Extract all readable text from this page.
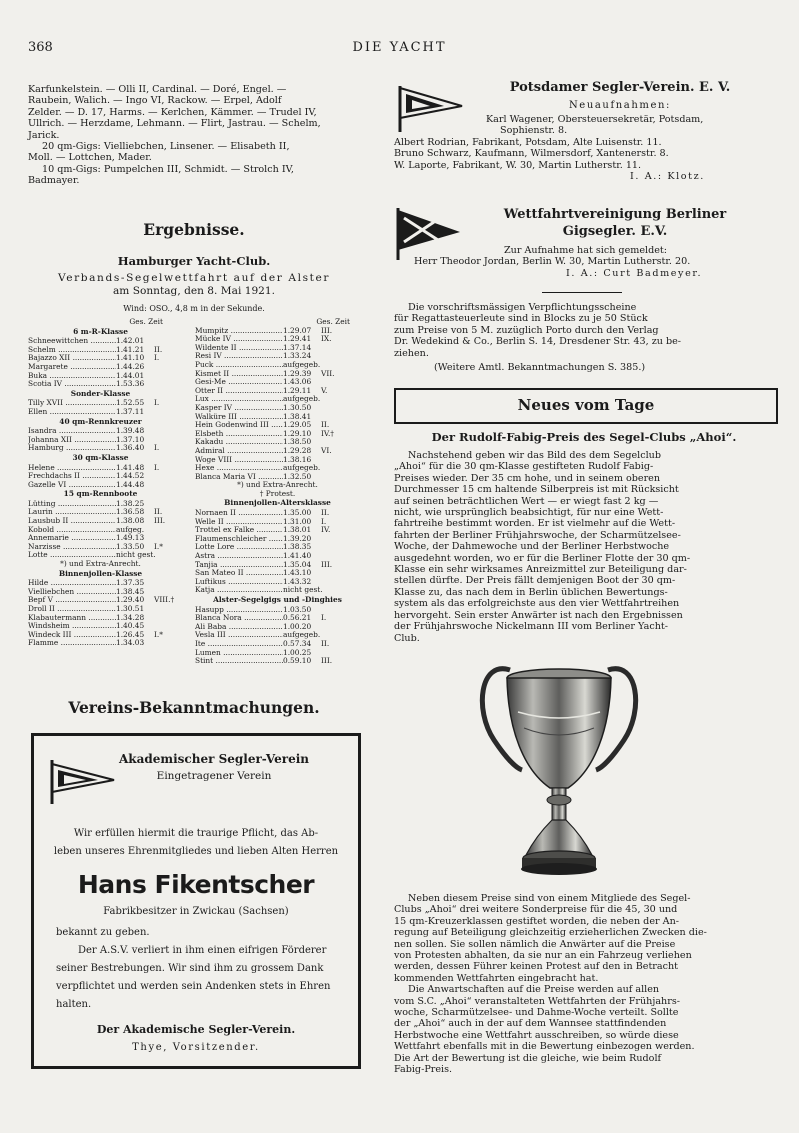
368	DIE YACHT
Karfunkelstein. — Olli II, Cardinal. — Doré, Engel. —
Raubein, Walich. — Ingo VI, Rackow. — Erpel, Adolf
Zelder. — D. 17, Harms. — Kerlchen, Kämmer. — Trudel IV,
Ullrich. — Herzdame, Lehmann. — Flirt, Jastrau. — Schelm,
Jarick.
20 qm-Gigs: Vielliebchen, Linsener. — Elisabeth II,
Moll. — Lottchen, Mader.
10 qm-Gigs: Pumpelchen III, Schmidt. — Strolch IV,
Badmayer.
Ergebnisse.
Hamburger Yacht-Club.
Verbands-Segelwettfahrt auf der Alster
am Sonntag, den 8. Mai 1921.
Wind: OSO., 4,8 m in der Sekunde.
Ges. Zeit
6 m-R-Klasse
Schneewittchen .....	1.42.01
Schelm .....	1.41.21	II.
Bajazzo XII .....	1.41.10	I.
Margarete .....	1.44.26
Buka .....	1.44.01
Scotia IV .....	1.53.36
Sonder-Klasse
Tilly XVII .....	1.52.55	I.
Ellen .....	1.37.11
40 qm-Rennkreuzer
Isandra .....	1.39.48
Johanna XII .....	1.37.10
Hamburg .....	1.36.40	I.
30 qm-Klasse
Helene .....	1.41.48	I.
Frechdachs II .....	1.44.52
Gazelle VI .....	1.44.48
15 qm-Rennboote
Lütting .....	1.38.25
Laurin .....	1.36.58	II.
Lausbub II .....	1.38.08	III.
Kobold .....	aufgeg.
Annemarie .....	1.49.13
Narzisse .....	1.33.50	I.*
Lotte .....	nicht gest.
*) und Extra-Anrecht.
Binnenjollen-Klasse
Hilde .....	1.37.35
Vielliebchen .....	1.38.45
Bepf V .....	1.29.40	VIII.†
Droll II .....	1.30.51
Klabautermann .....	1.34.28
Windsheim .....	1.40.45
Windeck III .....	1.26.45	I.*
Flamme .....	1.34.03
Ges. Zeit
Mumpitz .....	1.29.07	III.
Mücke IV .....	1.29.41	IX.
Wildente II .....	1.37.14
Resi IV .....	1.33.24
Puck .....	aufgegeb.
Kismet II .....	1.29.39	VII.
Gesi-Me .....	1.43.06
Otter II .....	1.29.11	V.
Lux .....	aufgegeb.
Kasper IV .....	1.30.50
Walküre III .....	1.38.41
Hein Godenwind III .....	1.29.05	II.
Elsbeth .....	1.29.10	IV.†
Kakadu .....	1.38.50
Admiral .....	1.29.28	VI.
Woge VIII .....	1.38.16
Hexe .....	aufgegeb.
Blanca Maria VI .....	1.32.50
*) und Extra-Anrecht.
† Protest.
Binnenjollen-Altersklasse
Nornaen II .....	1.35.00	II.
Welle II .....	1.31.00	I.
Trottel ex Falke .....	1.38.01	IV.
Flaumenschleicher .....	1.39.20
Lotte Lore .....	1.38.35
Astra .....	1.41.40
Tanjia .....	1.35.04	III.
San Mateo II .....	1.43.10
Luftikus .....	1.43.32
Katja .....	nicht gest.
Alster-Segelgigs und -Dinghies
Hasupp .....	1.03.50
Blanca Nora .....	0.56.21	I.
Ali Baba .....	1.00.20
Vesla III .....	aufgegeb.
Ite .....	0.57.34	II.
Lumen .....	1.00.25
Stint .....	0.59.10	III.
Vereins-Bekanntmachungen.
Akademischer Segler-Verein
Eingetragener Verein
Wir erfüllen hiermit die traurige Pflicht, das Ab-
leben unseres Ehrenmitgliedes und lieben Alten Herren
Hans Fikentscher
Fabrikbesitzer in Zwickau (Sachsen)
bekannt zu geben.
Der A.S.V. verliert in ihm einen eifrigen Förderer
seiner Bestrebungen. Wir sind ihm zu grossem Dank
verpflichtet und werden sein Andenken stets in Ehren
halten.
Der Akademische Segler-Verein.
Thye, Vorsitzender.
Potsdamer Segler-Verein. E. V.
Neuaufnahmen:
Karl Wagener, Obersteuersekretär, Potsdam,
Sophienstr. 8.
Albert Rodrian, Fabrikant, Potsdam, Alte Luisenstr. 11.
Bruno Schwarz, Kaufmann, Wilmersdorf, Xantenerstr. 8.
W. Laporte, Fabrikant, W. 30, Martin Lutherstr. 11.
I. A.: Klotz.
Wettfahrtvereinigung Berliner
Gigsegler. E.V.
Zur Aufnahme hat sich gemeldet:
Herr Theodor Jordan, Berlin W. 30, Martin Lutherstr. 20.
I. A.: Curt Badmeyer.
Die vorschriftsmässigen Verpflichtungsscheine
für Regattasteuerleute sind in Blocks zu je 50 Stück
zum Preise von 5 M. zuzüglich Porto durch den Verlag
Dr. Wedekind & Co., Berlin S. 14, Dresdener Str. 43, zu be-
ziehen.
(Weitere Amtl. Bekanntmachungen S. 385.)
Neues vom Tage
Der Rudolf-Fabig-Preis des Segel-Clubs „Ahoi“.
Nachstehend geben wir das Bild des dem Segelclub
„Ahoi“ für die 30 qm-Klasse gestifteten Rudolf Fabig-
Preises wieder. Der 35 cm hohe, und in seinem oberen
Durchmesser 15 cm haltende Silberpreis ist mit Rücksicht
auf seinen beträchtlichen Wert — er wiegt fast 2 kg —
nicht, wie ursprünglich beabsichtigt, für nur eine Wett-
fahrtreihe bestimmt worden. Er ist vielmehr auf die Wett-
fahrten der Berliner Frühjahrswoche, der Scharmützelsee-
Woche, der Dahmewoche und der Berliner Herbstwoche
ausgedehnt worden, wo er für die Berliner Flotte der 30 qm-
Klasse ein sehr wirksames Anreizmittel zur Beteiligung dar-
stellen dürfte. Der Preis fällt demjenigen Boot der 30 qm-
Klasse zu, das nach dem in Berlin üblichen Bewertungs-
system als das erfolgreichste aus den vier Wettfahrtreihen
hervorgeht. Sein erster Anwärter ist nach den Ergebnissen
der Frühjahrswoche Nickelmann III vom Berliner Yacht-
Club.
Neben diesem Preise sind von einem Mitgliede des Segel-
Clubs „Ahoi“ drei weitere Sonderpreise für die 45, 30 und
15 qm-Kreuzerklassen gestiftet worden, die neben der An-
regung auf Beteiligung gleichzeitig erzieherlichen Zwecken die-
nen sollen. Sie sollen nämlich die Anwärter auf die Preise
von Protesten abhalten, da sie nur an ein Fahrzeug verliehen
werden, dessen Führer keinen Protest auf den in Betracht
kommenden Wettfahrten eingebracht hat.
Die Anwartschaften auf die Preise werden auf allen
vom S.C. „Ahoi“ veranstalteten Wettfahrten der Frühjahrs-
woche, Scharmützelsee- und Dahme-Woche verteilt. Sollte
der „Ahoi“ auch in der auf dem Wannsee stattfindenden
Herbstwoche eine Wettfahrt ausschreiben, so würde diese
Wettfahrt ebenfalls mit in die Bewertung einbezogen werden.
Die Art der Bewertung ist die gleiche, wie beim Rudolf
Fabig-Preis.
